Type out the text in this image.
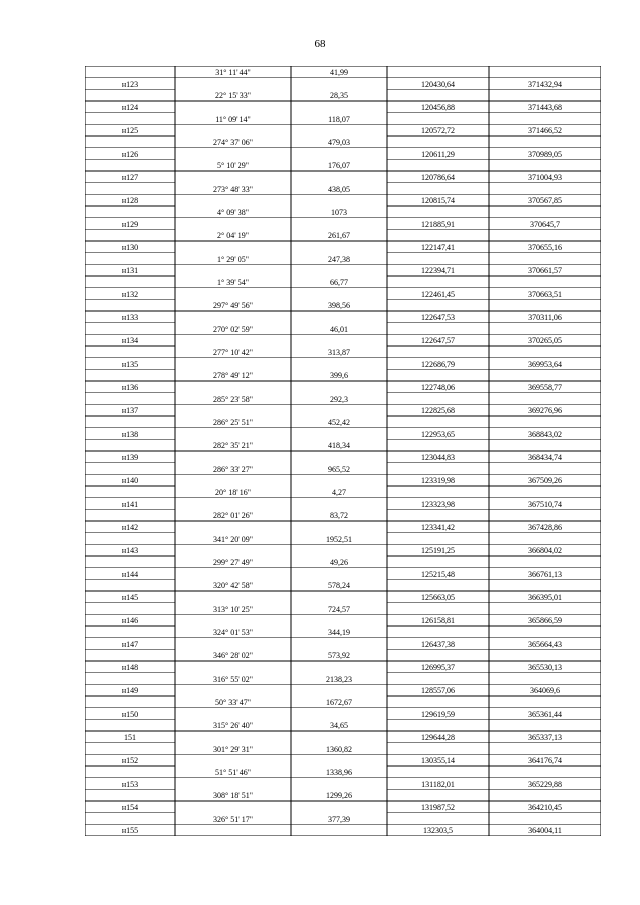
68
31° 11' 44"	41,99
н123	120430,64	371432,94
22° 15' 33"	28,35
н124	120456,88	371443,68
11° 09' 14"	118,07
н125	120572,72	371466,52
274° 37' 06"	479,03
н126	120611,29	370989,05
5° 10' 29"	176,07
н127	120786,64	371004,93
273° 48' 33"	438,05
н128	120815,74	370567,85
4° 09' 38"	1073
н129	121885,91	370645,7
2° 04' 19"	261,67
н130	122147,41	370655,16
1° 29' 05"	247,38
н131	122394,71	370661,57
1° 39' 54"	66,77
н132	122461,45	370663,51
297° 49' 56"	398,56
н133	122647,53	370311,06
270° 02' 59"	46,01
н134	122647,57	370265,05
277° 10' 42"	313,87
н135	122686,79	369953,64
278° 49' 12"	399,6
н136	122748,06	369558,77
285° 23' 58"	292,3
н137	122825,68	369276,96
286° 25' 51"	452,42
н138	122953,65	368843,02
282° 35' 21"	418,34
н139	123044,83	368434,74
286° 33' 27"	965,52
н140	123319,98	367509,26
20° 18' 16"	4,27
н141	123323,98	367510,74
282° 01' 26"	83,72
н142	123341,42	367428,86
341° 20' 09"	1952,51
н143	125191,25	366804,02
299° 27' 49"	49,26
н144	125215,48	366761,13
320° 42' 58"	578,24
н145	125663,05	366395,01
313° 10' 25"	724,57
н146	126158,81	365866,59
324° 01' 53"	344,19
н147	126437,38	365664,43
346° 28' 02"	573,92
н148	126995,37	365530,13
316° 55' 02"	2138,23
н149	128557,06	364069,6
50° 33' 47"	1672,67
н150	129619,59	365361,44
315° 26' 40"	34,65
151	129644,28	365337,13
301° 29' 31"	1360,82
н152	130355,14	364176,74
51° 51' 46"	1338,96
н153	131182,01	365229,88
308° 18' 51"	1299,26
н154	131987,52	364210,45
326° 51' 17"	377,39
н155	132303,5	364004,11
